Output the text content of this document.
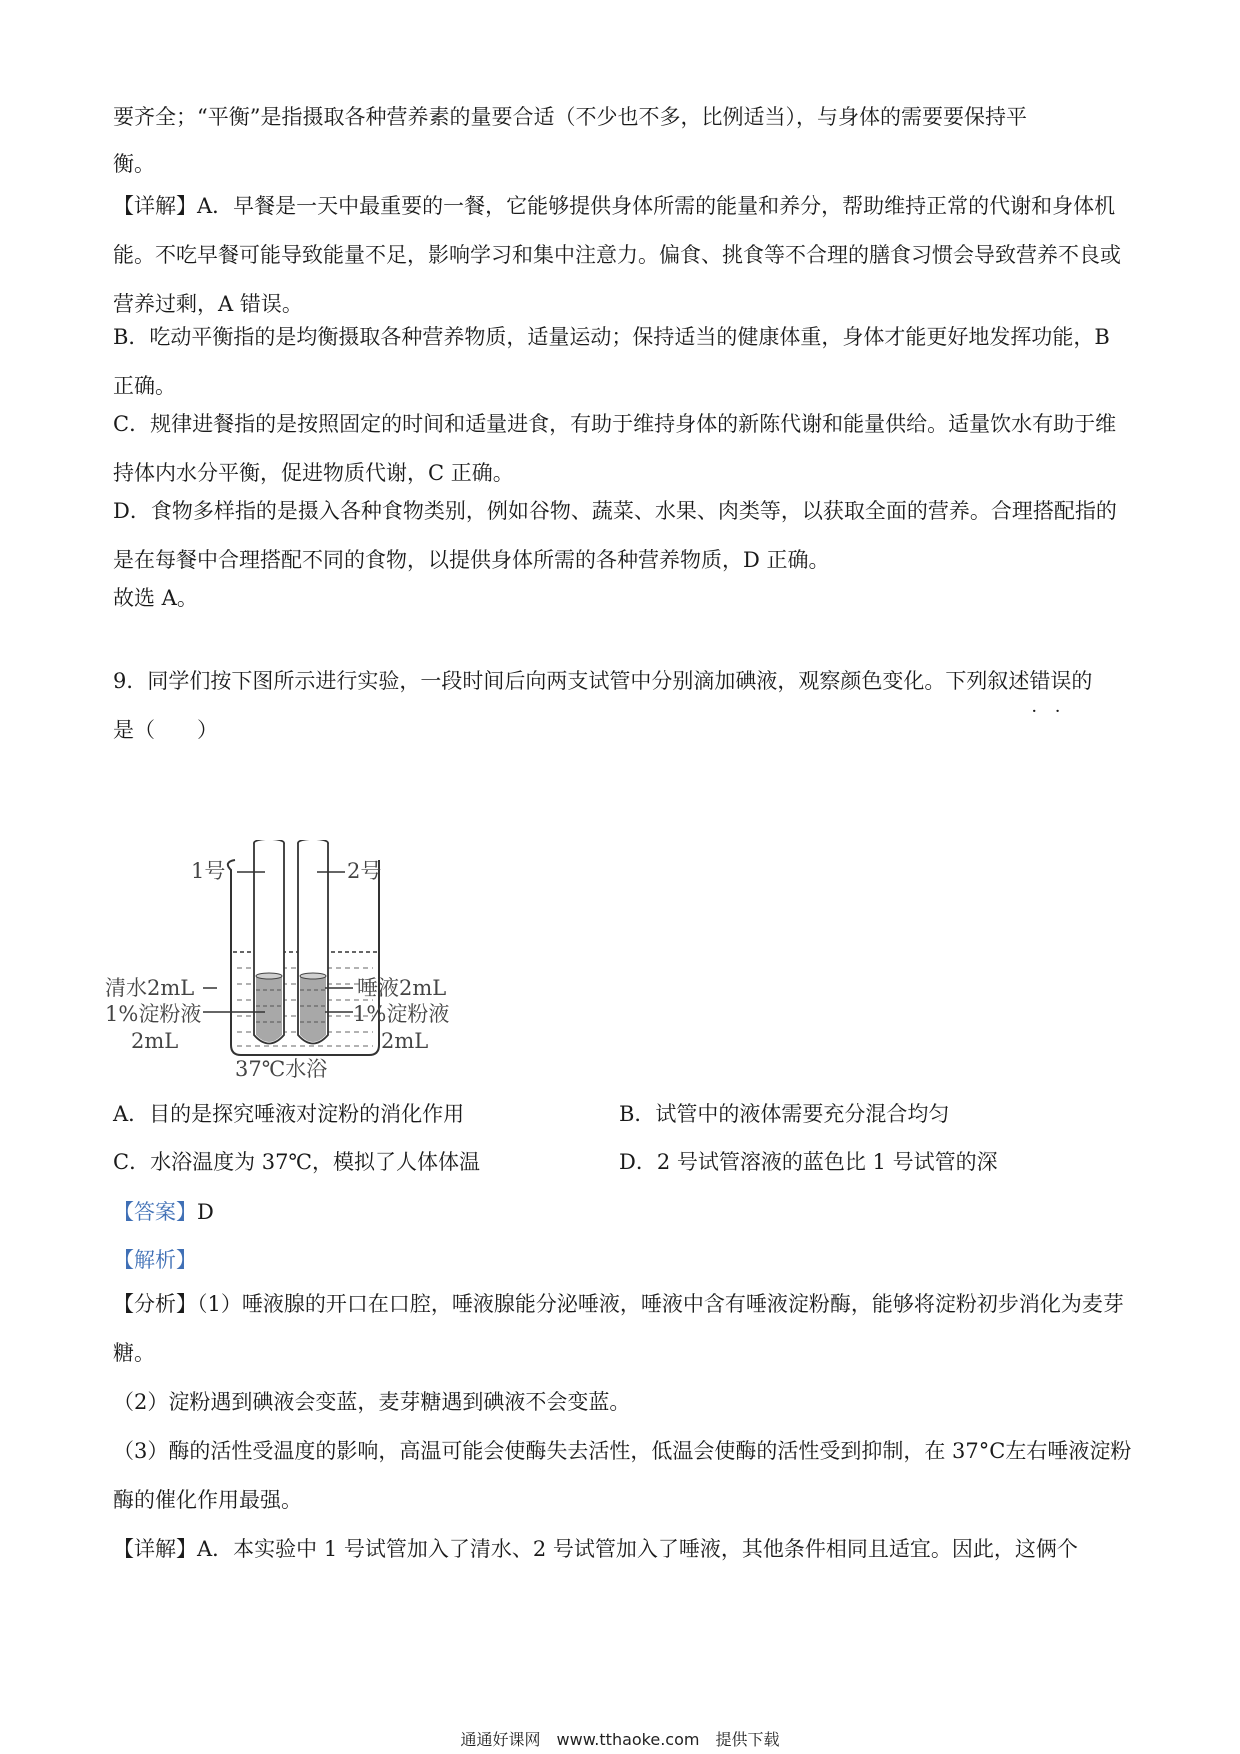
要齐全；“平衡”是指摄取各种营养素的量要合适（不少也不多，比例适当），与身体的需要要保持平

衡。

【详解】A．早餐是一天中最重要的一餐，它能够提供身体所需的能量和养分，帮助维持正常的代谢和身体机能。不吃早餐可能导致能量不足，影响学习和集中注意力。偏食、挑食等不合理的膳食习惯会导致营养不良或营养过剩，A 错误。

B．吃动平衡指的是均衡摄取各种营养物质，适量运动；保持适当的健康体重，身体才能更好地发挥功能，B 正确。

C．规律进餐指的是按照固定的时间和适量进食，有助于维持身体的新陈代谢和能量供给。适量饮水有助于维持体内水分平衡，促进物质代谢，C 正确。

D．食物多样指的是摄入各种食物类别，例如谷物、蔬菜、水果、肉类等，以获取全面的营养。合理搭配指的是在每餐中合理搭配不同的食物，以提供身体所需的各种营养物质，D 正确。

故选 A。

9．同学们按下图所示进行实验，一段时间后向两支试管中分别滴加碘液，观察颜色变化。下列叙述错误 · ·的

是（　　）

1号	2号
清水2mL
1%淀粉液
2mL
唾液2mL
1%淀粉液
2mL
37℃水浴
A．目的是探究唾液对淀粉的消化作用	B．试管中的液体需要充分混合均匀
C．水浴温度为 37℃，模拟了人体体温	D．2 号试管溶液的蓝色比 1 号试管的深
【答案】D
【解析】

【分析】（1）唾液腺的开口在口腔，唾液腺能分泌唾液，唾液中含有唾液淀粉酶，能够将淀粉初步消化为麦芽糖。

（2）淀粉遇到碘液会变蓝，麦芽糖遇到碘液不会变蓝。

（3）酶的活性受温度的影响，高温可能会使酶失去活性，低温会使酶的活性受到抑制，在 37°C左右唾液淀粉酶的催化作用最强。

【详解】A．本实验中 1 号试管加入了清水、2 号试管加入了唾液，其他条件相同且适宜。因此，这俩个

通通好课网　www.tthaoke.com　提供下载
